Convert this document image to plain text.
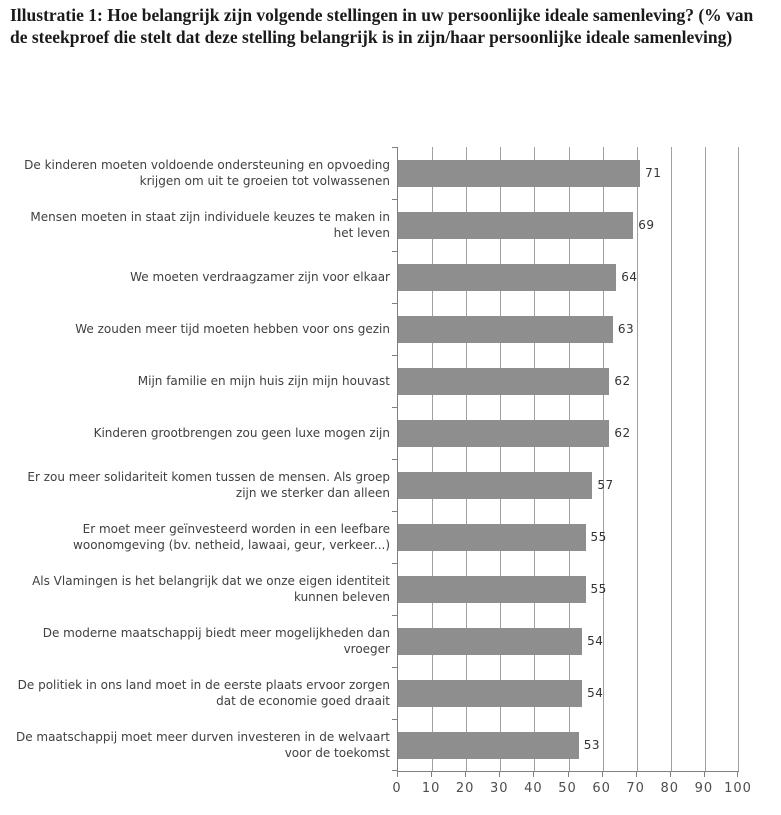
Illustratie 1: Hoe belangrijk zijn volgende stellingen in uw persoonlijke ideale samenleving? (% van de steekproef die stelt dat deze stelling belangrijk is in zijn/haar persoonlijke ideale samenleving)
De kinderen moeten voldoende ondersteuning en opvoeding krijgen om uit te groeien tot volwassenen
71
Mensen moeten in staat zijn individuele keuzes te maken in het leven
69
We moeten verdraagzamer zijn voor elkaar	64
We zouden meer tijd moeten hebben voor ons gezin	63
Mijn familie en mijn huis zijn mijn houvast	62
Kinderen grootbrengen zou geen luxe mogen zijn	62
Er zou meer solidariteit komen tussen de mensen. Als groep zijn we sterker dan alleen
57
Er moet meer geïnvesteerd worden in een leefbare woonomgeving (bv. netheid, lawaai, geur, verkeer...)
55
Als Vlamingen is het belangrijk dat we onze eigen identiteit kunnen beleven
55
De moderne maatschappij biedt meer mogelijkheden dan vroeger
54
De politiek in ons land moet in de eerste plaats ervoor zorgen dat de economie goed draait
54
De maatschappij moet meer durven investeren in de welvaart voor de toekomst
53
0 10 20 30 40 50 60 70 80 90 100
